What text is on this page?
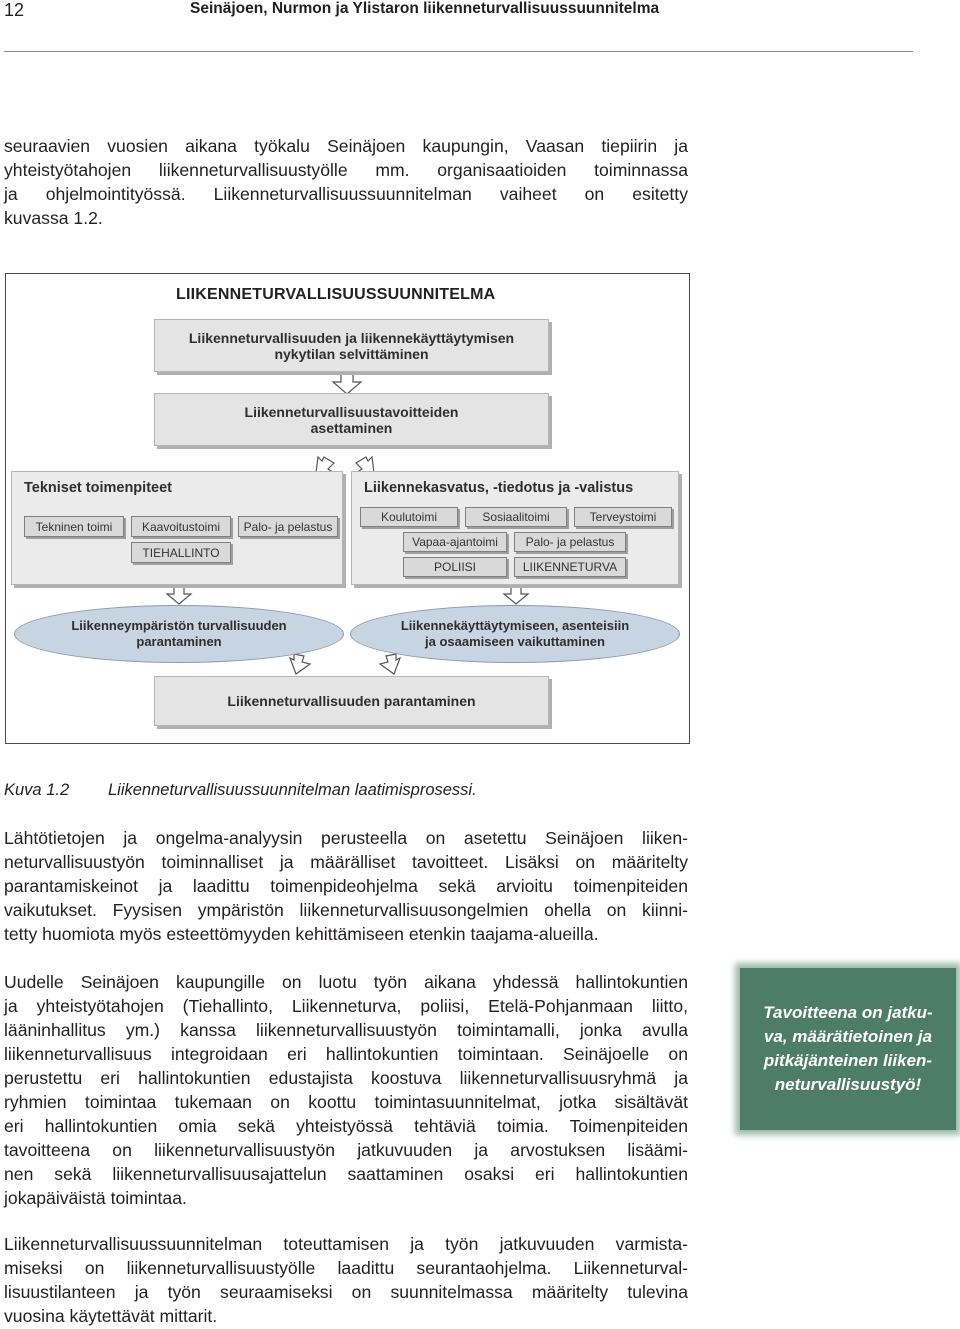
12	Seinäjoen, Nurmon ja Ylistaron liikenneturvallisuussuunnitelma
seuraavien vuosien aikana työkalu Seinäjoen kaupungin, Vaasan tiepiirin ja
yhteistyötahojen liikenneturvallisuustyölle mm. organisaatioiden toiminnassa
ja ohjelmointityössä. Liikenneturvallisuussuunnitelman vaiheet on esitetty
kuvassa 1.2.
LIIKENNETURVALLISUUSSUUNNITELMA
Liikenneturvallisuuden ja liikennekäyttäytymisen
nykytilan selvittäminen
Liikenneturvallisuustavoitteiden
asettaminen
Tekniset toimenpiteet
Tekninen toimi	Kaavoitustoimi	Palo- ja pelastus
TIEHALLINTO
Liikennekasvatus, -tiedotus ja -valistus
Koulutoimi	Sosiaalitoimi	Terveystoimi
Vapaa-ajantoimi	Palo- ja pelastus
POLIISI	LIIKENNETURVA
Liikenneympäristön turvallisuuden
parantaminen
Liikennekäyttäytymiseen, asenteisiin
ja osaamiseen vaikuttaminen
Liikenneturvallisuuden parantaminen
Kuva 1.2 Liikenneturvallisuussuunnitelman laatimisprosessi.
Lähtötietojen ja ongelma-analyysin perusteella on asetettu Seinäjoen liiken-
neturvallisuustyön toiminnalliset ja määrälliset tavoitteet. Lisäksi on määritelty
parantamiskeinot ja laadittu toimenpideohjelma sekä arvioitu toimenpiteiden
vaikutukset. Fyysisen ympäristön liikenneturvallisuusongelmien ohella on kiinni-
tetty huomiota myös esteettömyyden kehittämiseen etenkin taajama-alueilla.
Uudelle Seinäjoen kaupungille on luotu työn aikana yhdessä hallintokuntien
ja yhteistyötahojen (Tiehallinto, Liikenneturva, poliisi, Etelä-Pohjanmaan liitto,
lääninhallitus ym.) kanssa liikenneturvallisuustyön toimintamalli, jonka avulla
liikenneturvallisuus integroidaan eri hallintokuntien toimintaan. Seinäjoelle on
perustettu eri hallintokuntien edustajista koostuva liikenneturvallisuusryhmä ja
ryhmien toimintaa tukemaan on koottu toimintasuunnitelmat, jotka sisältävät
eri hallintokuntien omia sekä yhteistyössä tehtäviä toimia. Toimenpiteiden
tavoitteena on liikenneturvallisuustyön jatkuvuuden ja arvostuksen lisäämi-
nen sekä liikenneturvallisuusajattelun saattaminen osaksi eri hallintokuntien
jokapäiväistä toimintaa.
Liikenneturvallisuussuunnitelman toteuttamisen ja työn jatkuvuuden varmista-
miseksi on liikenneturvallisuustyölle laadittu seurantaohjelma. Liikenneturval-
lisuustilanteen ja työn seuraamiseksi on suunnitelmassa määritelty tulevina
vuosina käytettävät mittarit.

Tavoitteena on jatku-
va, määrätietoinen ja
pitkäjänteinen liiken-
neturvallisuustyö!
